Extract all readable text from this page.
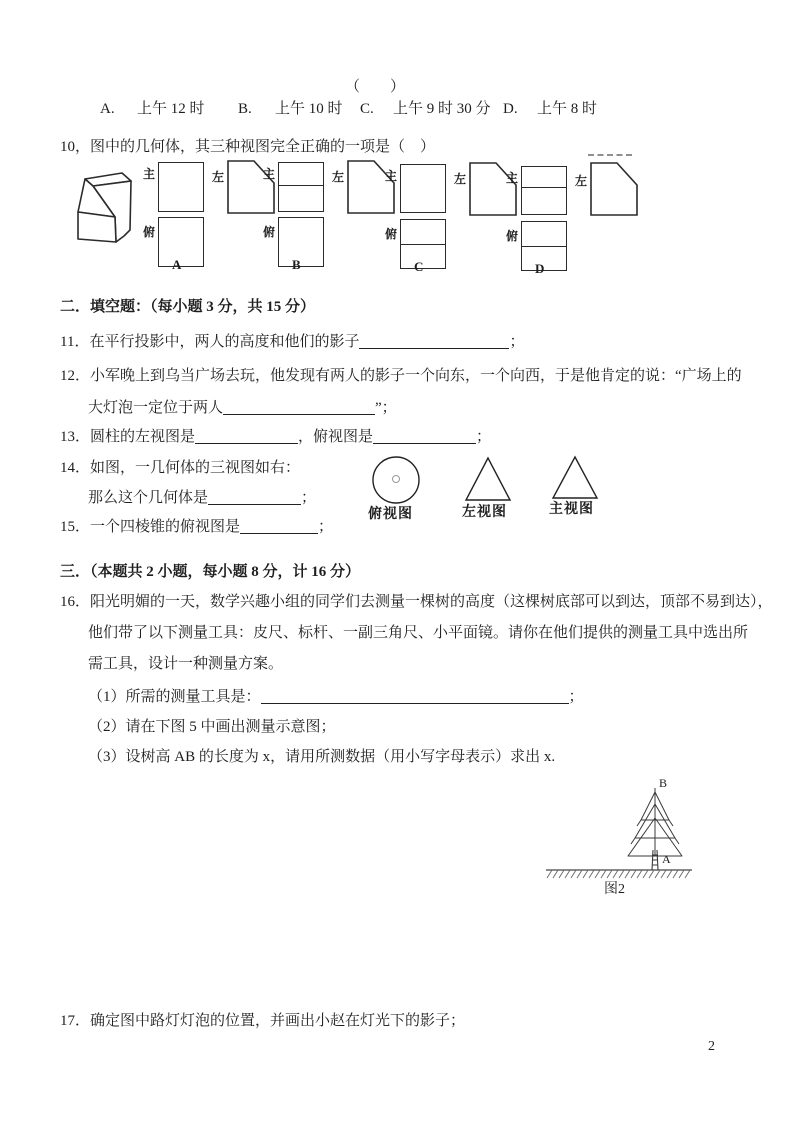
（　　）
A. 上午 12 时 B. 上午 10 时 C. 上午 9 时 30 分 D. 上午 8 时
10，图中的几何体，其三种视图完全正确的一项是（　）
主	左
俯
A
主	左
俯
B
主	左
俯
C
主	左
俯
D
二．填空题：（每小题 3 分，共 15 分）
11．在平行投影中，两人的高度和他们的影子	；
12．小军晚上到乌当广场去玩，他发现有两人的影子一个向东，一个向西，于是他肯定的说：“广场上的
大灯泡一定位于两人	”；
13．圆柱的左视图是	，俯视图是	；
14．如图，一几何体的三视图如右：
那么这个几何体是	；
俯视图	左视图	主视图
15．一个四棱锥的俯视图是	；
三．（本题共 2 小题，每小题 8 分，计 16 分）
16．阳光明媚的一天，数学兴趣小组的同学们去测量一棵树的高度（这棵树底部可以到达，顶部不易到达），
他们带了以下测量工具：皮尺、标杆、一副三角尺、小平面镜。请你在他们提供的测量工具中选出所
需工具，设计一种测量方案。
（1）所需的测量工具是：	；
（2）请在下图 5 中画出测量示意图；
（3）设树高 AB 的长度为 x，请用所测数据（用小写字母表示）求出 x.
B
A
图2
17．确定图中路灯灯泡的位置，并画出小赵在灯光下的影子；
2
